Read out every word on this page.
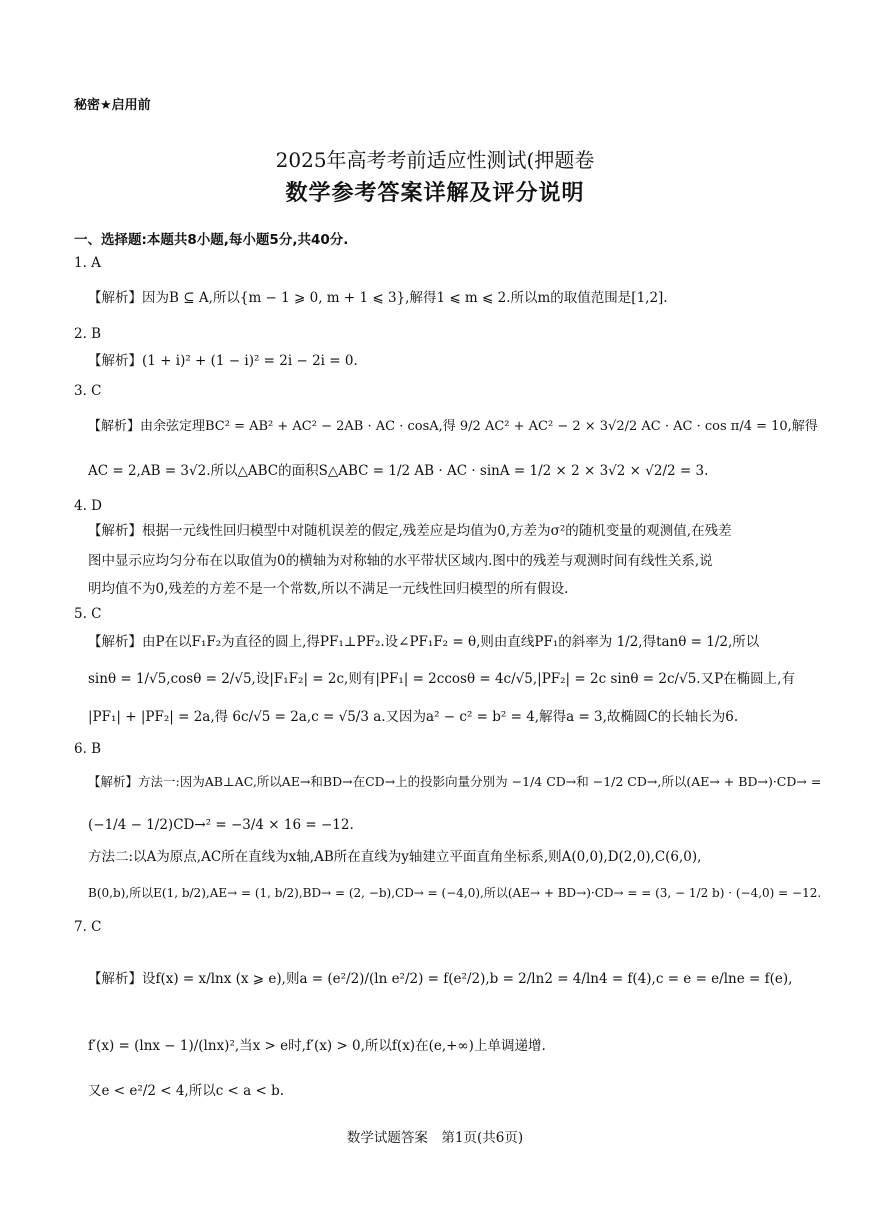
秘密★启用前
2025年高考考前适应性测试(押题卷
数学参考答案详解及评分说明
一、选择题:本题共8小题,每小题5分,共40分.
1. A
【解析】因为B ⊆ A,所以{m − 1 ⩾ 0, m + 1 ⩽ 3},解得1 ⩽ m ⩽ 2.所以m的取值范围是[1,2].
2. B
【解析】(1 + i)² + (1 − i)² = 2i − 2i = 0.
3. C
【解析】由余弦定理BC² = AB² + AC² − 2AB · AC · cosA,得 9/2 AC² + AC² − 2 × 3√2/2 AC · AC · cos π/4 = 10,解得
AC = 2,AB = 3√2.所以△ABC的面积S△ABC = 1/2 AB · AC · sinA = 1/2 × 2 × 3√2 × √2/2 = 3.
4. D
【解析】根据一元线性回归模型中对随机误差的假定,残差应是均值为0,方差为σ²的随机变量的观测值,在残差
图中显示应均匀分布在以取值为0的横轴为对称轴的水平带状区域内.图中的残差与观测时间有线性关系,说
明均值不为0,残差的方差不是一个常数,所以不满足一元线性回归模型的所有假设.
5. C
【解析】由P在以F₁F₂为直径的圆上,得PF₁⊥PF₂.设∠PF₁F₂ = θ,则由直线PF₁的斜率为 1/2,得tanθ = 1/2,所以
sinθ = 1/√5,cosθ = 2/√5,设|F₁F₂| = 2c,则有|PF₁| = 2ccosθ = 4c/√5,|PF₂| = 2c sinθ = 2c/√5.又P在椭圆上,有
|PF₁| + |PF₂| = 2a,得 6c/√5 = 2a,c = √5/3 a.又因为a² − c² = b² = 4,解得a = 3,故椭圆C的长轴长为6.
6. B
【解析】方法一:因为AB⊥AC,所以AE→和BD→在CD→上的投影向量分别为 −1/4 CD→和 −1/2 CD→,所以(AE→ + BD→)·CD→ =
(−1/4 − 1/2)CD→² = −3/4 × 16 = −12.
方法二:以A为原点,AC所在直线为x轴,AB所在直线为y轴建立平面直角坐标系,则A(0,0),D(2,0),C(6,0),
B(0,b),所以E(1, b/2),AE→ = (1, b/2),BD→ = (2, −b),CD→ = (−4,0),所以(AE→ + BD→)·CD→ = = (3, − 1/2 b) · (−4,0) = −12.
7. C
【解析】设f(x) = x/lnx (x ⩾ e),则a = (e²/2)/(ln e²/2) = f(e²/2),b = 2/ln2 = 4/ln4 = f(4),c = e = e/lne = f(e),
f′(x) = (lnx − 1)/(lnx)²,当x > e时,f′(x) > 0,所以f(x)在(e,+∞)上单调递增.
又e < e²/2 < 4,所以c < a < b.
数学试题答案　第1页(共6页)
